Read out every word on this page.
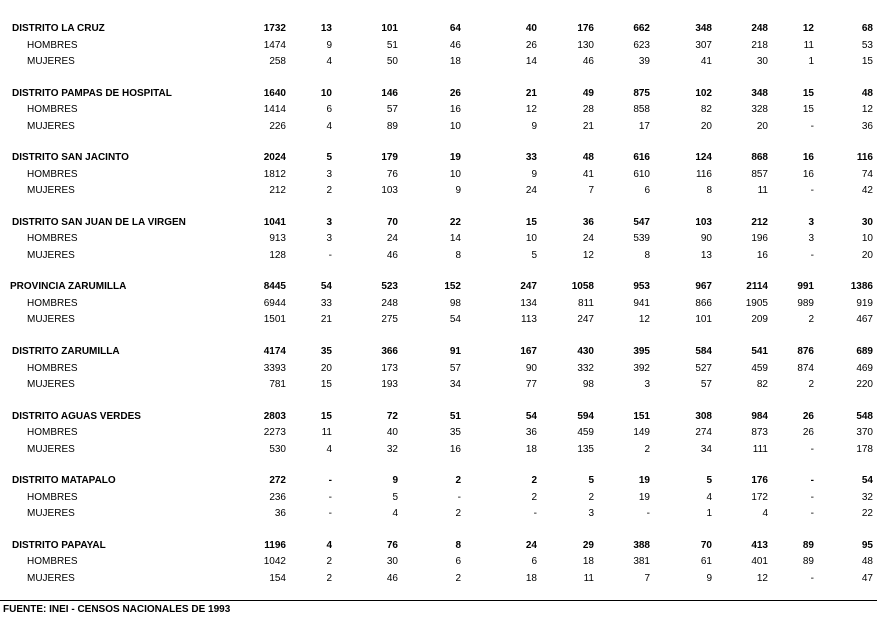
DISTRITO LA CRUZ	1732	13	101	64	40	176	662	348	248	12	68
HOMBRES	1474	9	51	46	26	130	623	307	218	11	53
MUJERES	258	4	50	18	14	46	39	41	30	1	15
DISTRITO PAMPAS DE HOSPITAL	1640	10	146	26	21	49	875	102	348	15	48
HOMBRES	1414	6	57	16	12	28	858	82	328	15	12
MUJERES	226	4	89	10	9	21	17	20	20	-	36
DISTRITO SAN JACINTO	2024	5	179	19	33	48	616	124	868	16	116
HOMBRES	1812	3	76	10	9	41	610	116	857	16	74
MUJERES	212	2	103	9	24	7	6	8	11	-	42
DISTRITO SAN JUAN DE LA VIRGEN	1041	3	70	22	15	36	547	103	212	3	30
HOMBRES	913	3	24	14	10	24	539	90	196	3	10
MUJERES	128	-	46	8	5	12	8	13	16	-	20
PROVINCIA ZARUMILLA	8445	54	523	152	247	1058	953	967	2114	991	1386
HOMBRES	6944	33	248	98	134	811	941	866	1905	989	919
MUJERES	1501	21	275	54	113	247	12	101	209	2	467
DISTRITO ZARUMILLA	4174	35	366	91	167	430	395	584	541	876	689
HOMBRES	3393	20	173	57	90	332	392	527	459	874	469
MUJERES	781	15	193	34	77	98	3	57	82	2	220
DISTRITO AGUAS VERDES	2803	15	72	51	54	594	151	308	984	26	548
HOMBRES	2273	11	40	35	36	459	149	274	873	26	370
MUJERES	530	4	32	16	18	135	2	34	111	-	178
DISTRITO MATAPALO	272	-	9	2	2	5	19	5	176	-	54
HOMBRES	236	-	5	-	2	2	19	4	172	-	32
MUJERES	36	-	4	2	-	3	-	1	4	-	22
DISTRITO PAPAYAL	1196	4	76	8	24	29	388	70	413	89	95
HOMBRES	1042	2	30	6	6	18	381	61	401	89	48
MUJERES	154	2	46	2	18	11	7	9	12	-	47
FUENTE: INEI - CENSOS NACIONALES DE 1993
